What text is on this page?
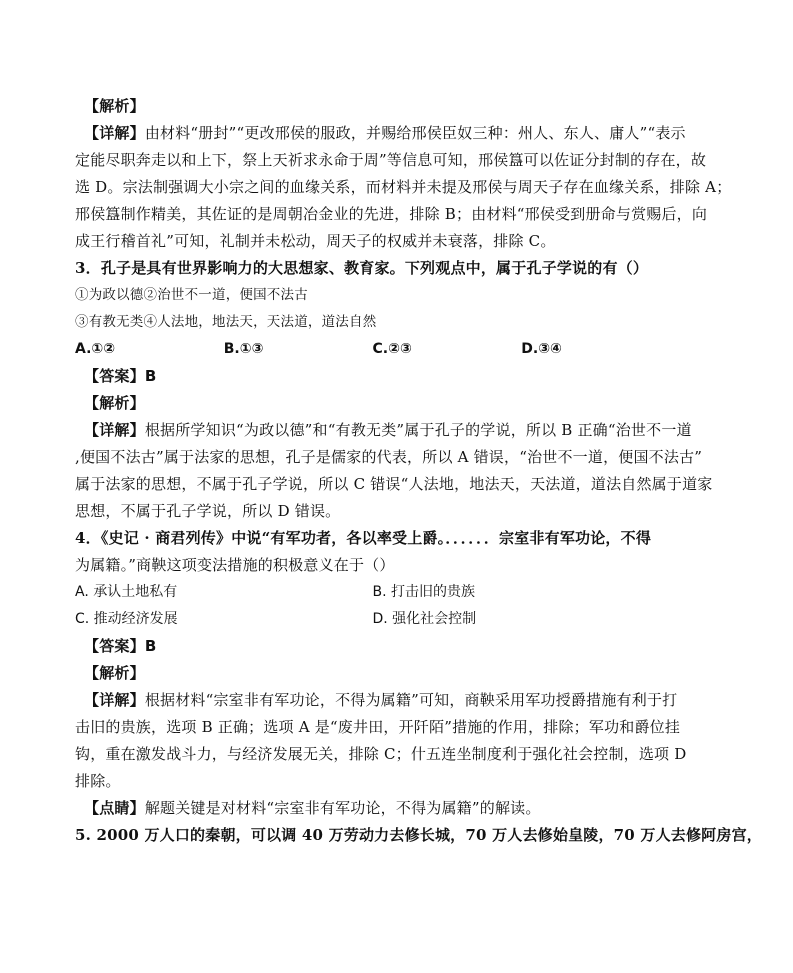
【解析】
【详解】由材料“册封”“更改邢侯的服政，并赐给邢侯臣奴三种：州人、东人、庸人”“表示
定能尽职奔走以和上下，祭上天祈求永命于周”等信息可知，邢侯簋可以佐证分封制的存在，故
选 D。宗法制强调大小宗之间的血缘关系，而材料并未提及邢侯与周天子存在血缘关系，排除 A；
邢侯簋制作精美，其佐证的是周朝冶金业的先进，排除 B；由材料“邢侯受到册命与赏赐后，向
成王行稽首礼”可知，礼制并未松动，周天子的权威并未衰落，排除 C。
3．孔子是具有世界影响力的大思想家、教育家。下列观点中，属于孔子学说的有（）
①为政以德②治世不一道，便国不法古
③有教无类④人法地，地法天，天法道，道法自然
A.①②	B.①③	C.②③	D.③④
【答案】B
【解析】
【详解】根据所学知识“为政以德”和“有教无类”属于孔子的学说，所以 B 正确“治世不一道
,便国不法古”属于法家的思想，孔子是儒家的代表，所以 A 错误，“治世不一道，便国不法古”
属于法家的思想，不属于孔子学说，所以 C 错误“人法地，地法天，天法道，道法自然属于道家
思想，不属于孔子学说，所以 D 错误。
4．《史记 · 商君列传》中说“有军功者，各以率受上爵。．．．．．．宗室非有军功论，不得
为属籍。”商鞅这项变法措施的积极意义在于（）
A. 承认土地私有	B. 打击旧的贵族
C. 推动经济发展	D. 强化社会控制
【答案】B
【解析】
【详解】根据材料“宗室非有军功论，不得为属籍”可知，商鞅采用军功授爵措施有利于打
击旧的贵族，选项 B 正确；选项 A 是“废井田，开阡陌”措施的作用，排除；军功和爵位挂
钩，重在激发战斗力，与经济发展无关，排除 C；什五连坐制度利于强化社会控制，选项 D
排除。
【点睛】解题关键是对材料“宗室非有军功论，不得为属籍”的解读。
5. 2000 万人口的秦朝，可以调 40 万劳动力去修长城，70 万人去修始皇陵，70 万人去修阿房宫，
